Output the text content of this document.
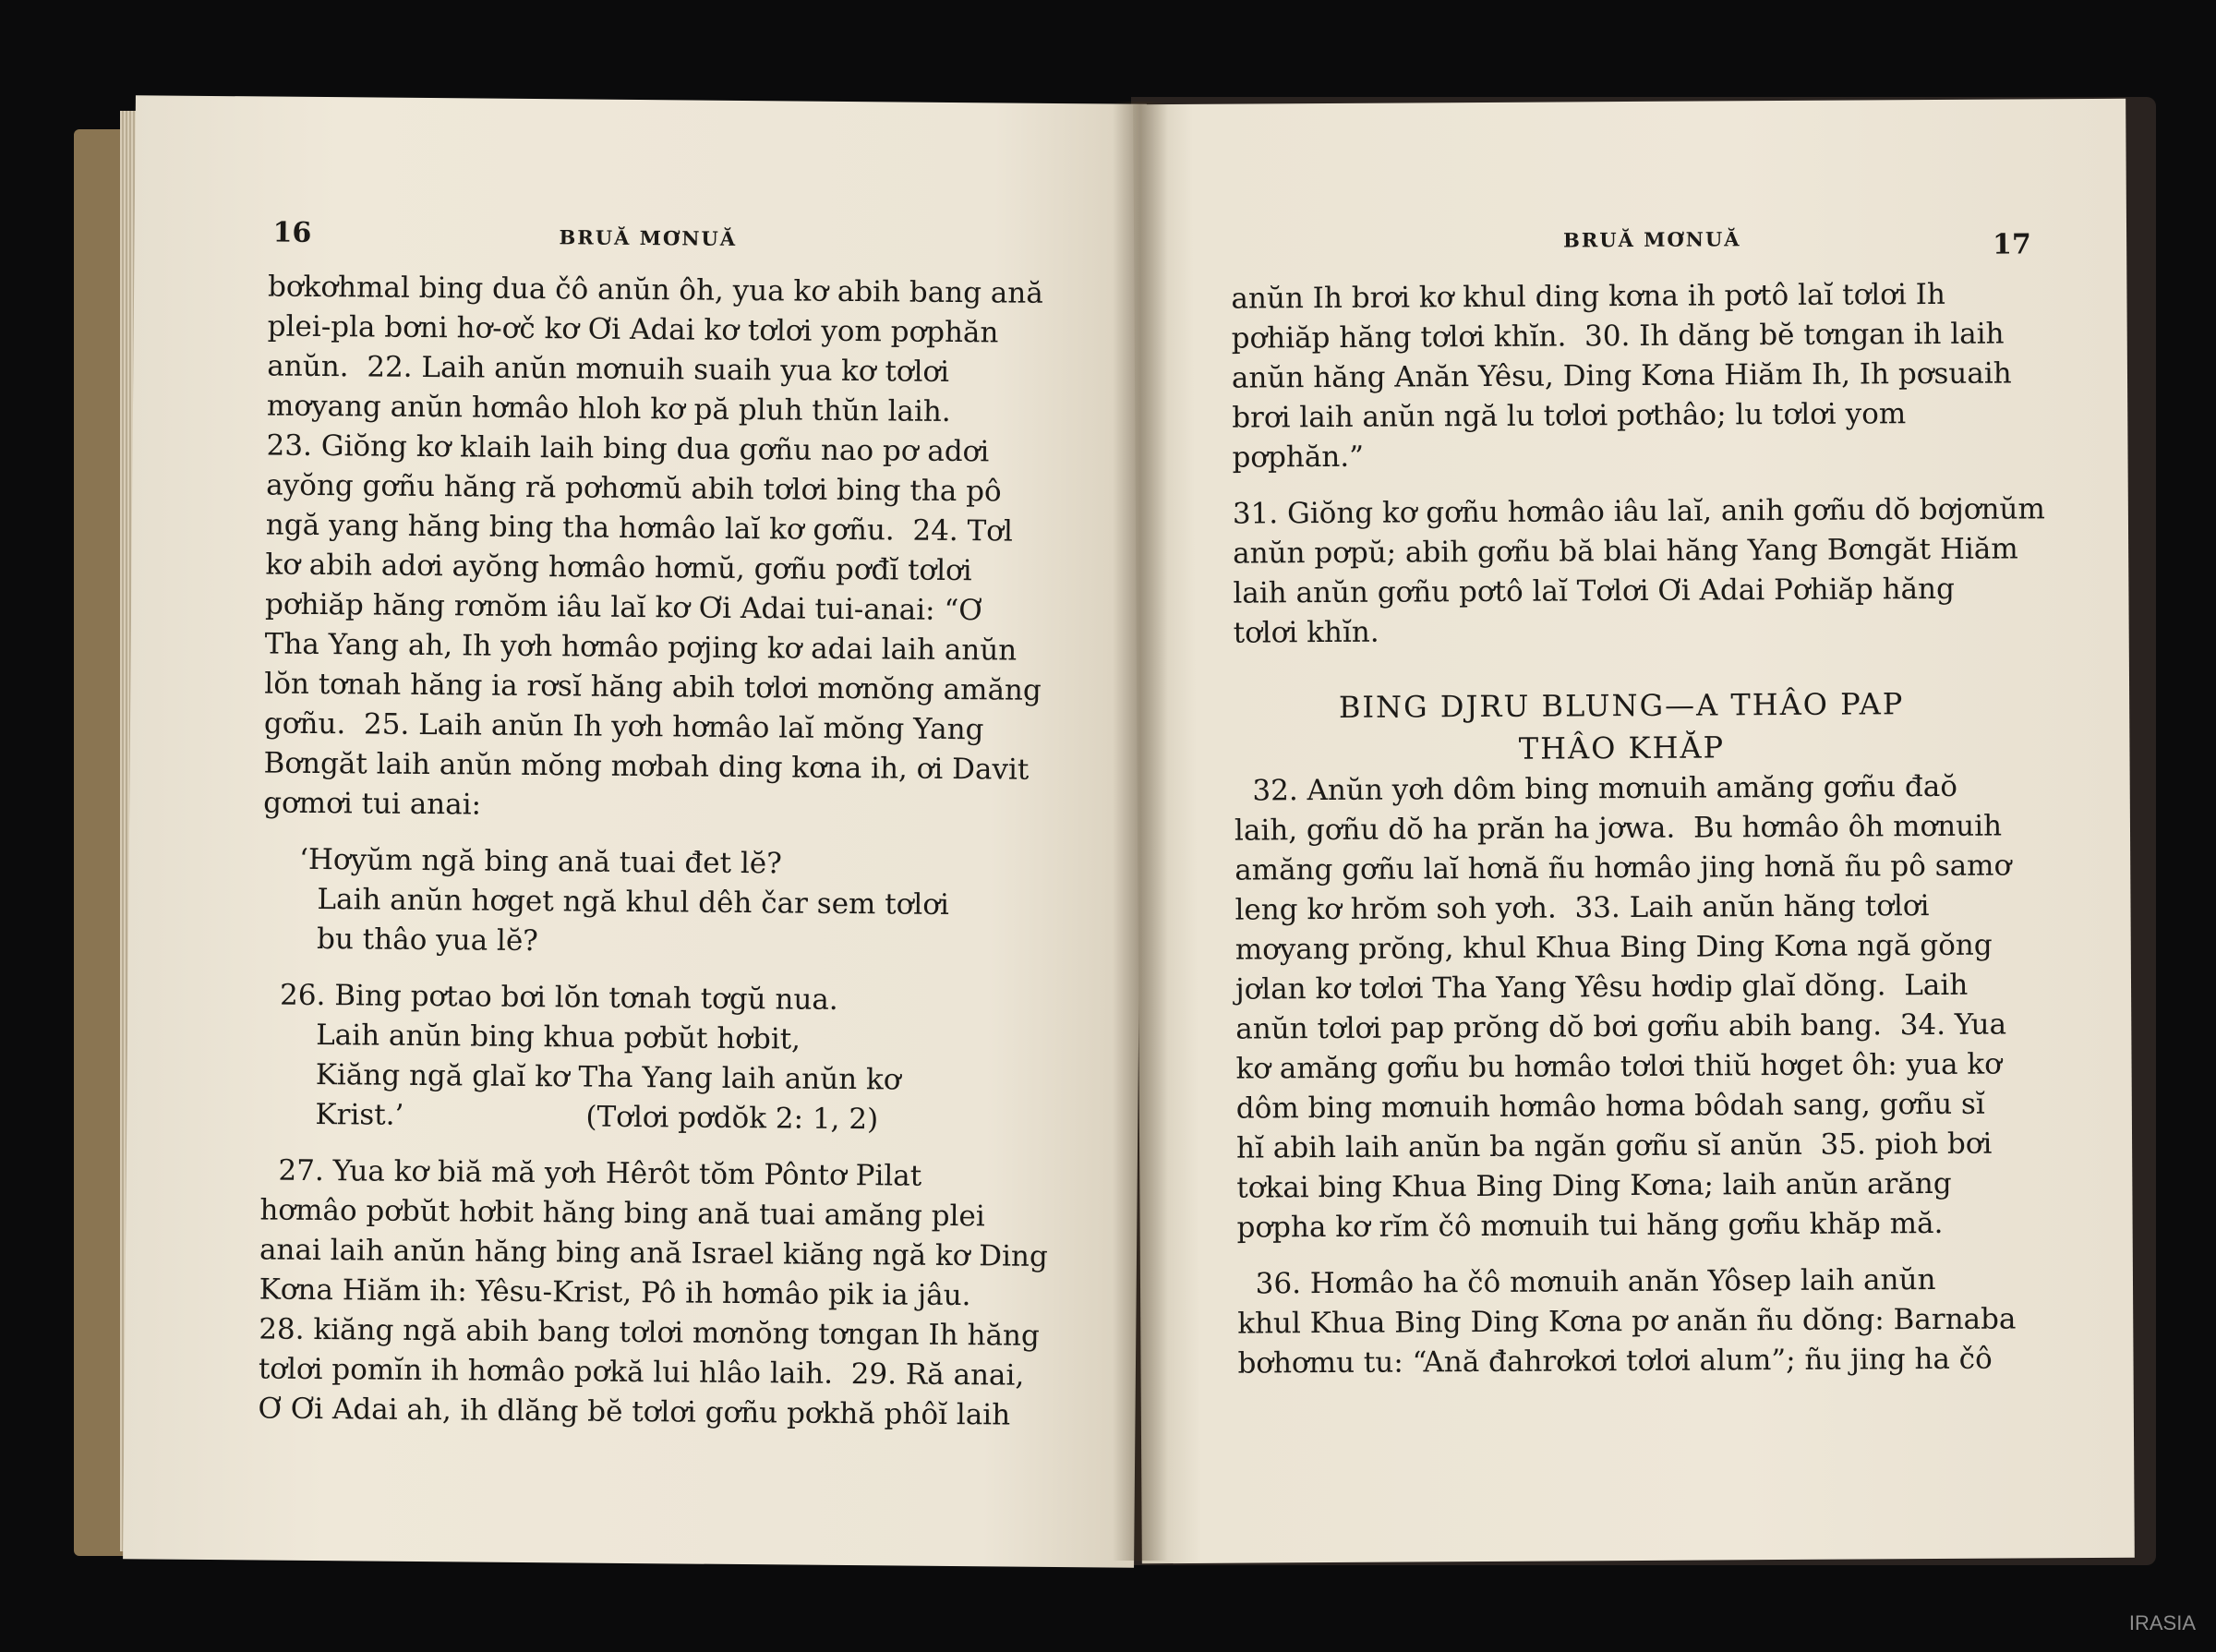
16	BRUĂ MƠNUĂ

bơkơhmal bing dua čô anŭn ôh, yua kơ abih bang ană

plei-pla bơni hơ-ơč kơ Ơi Adai kơ tơlơi yom pơphăn

anŭn.  22. Laih anŭn mơnuih suaih yua kơ tơlơi

mơyang anŭn hơmâo hloh kơ pă pluh thŭn laih.

23. Giŏng kơ klaih laih bing dua gơñu nao pơ adơi

ayŏng gơñu hăng ră pơhơmŭ abih tơlơi bing tha pô

ngă yang hăng bing tha hơmâo laĭ kơ gơñu.  24. Tơl

kơ abih adơi ayŏng hơmâo hơmŭ, gơñu pơđĭ tơlơi

pơhiăp hăng rơnŏm iâu laĭ kơ Ơi Adai tui-anai: “Ơ

Tha Yang ah, Ih yơh hơmâo pơjing kơ adai laih anŭn

lŏn tơnah hăng ia rơsĭ hăng abih tơlơi mơnŏng amăng

gơñu.  25. Laih anŭn Ih yơh hơmâo laĭ mŏng Yang

Bơngăt laih anŭn mŏng mơbah ding kơna ih, ơi Davit

gơmơi tui anai:

‘Hơyŭm ngă bing ană tuai đet lĕ?

Laih anŭn hơget ngă khul dêh čar sem tơlơi

bu thâo yua lĕ?

26. Bing pơtao bơi lŏn tơnah tơgŭ nua.

Laih anŭn bing khua pơbŭt hơbit,

Kiăng ngă glaĭ kơ Tha Yang laih anŭn kơ

Krist.’                    (Tơlơi pơdŏk 2: 1, 2)

27. Yua kơ biă mă yơh Hêrôt tŏm Pôntơ Pilat

hơmâo pơbŭt hơbit hăng bing ană tuai amăng plei

anai laih anŭn hăng bing ană Israel kiăng ngă kơ Ding

Kơna Hiăm ih: Yêsu-Krist, Pô ih hơmâo pik ia jâu.

28. kiăng ngă abih bang tơlơi mơnŏng tơngan Ih hăng

tơlơi pomĭn ih hơmâo pơkă lui hlâo laih.  29. Ră anai,

Ơ Ơi Adai ah, ih dlăng bĕ tơlơi gơñu pơkhă phôĭ laih

BRUĂ MƠNUĂ	17

anŭn Ih brơi kơ khul ding kơna ih pơtô laĭ tơlơi Ih

pơhiăp hăng tơlơi khĭn.  30. Ih dăng bĕ tơngan ih laih

anŭn hăng Anăn Yêsu, Ding Kơna Hiăm Ih, Ih pơsuaih

brơi laih anŭn ngă lu tơlơi pơthâo; lu tơlơi yom

pơphăn.”

31. Giŏng kơ gơñu hơmâo iâu laĭ, anih gơñu dŏ bơjơnŭm

anŭn pơpŭ; abih gơñu bă blai hăng Yang Bơngăt Hiăm

laih anŭn gơñu pơtô laĭ Tơlơi Ơi Adai Pơhiăp hăng

tơlơi khĭn.

BING DJRU BLUNG—A THÂO PAP
THÂO KHĂP

32. Anŭn yơh dôm bing mơnuih amăng gơñu đaŏ

laih, gơñu dŏ ha prăn ha jơwa.  Bu hơmâo ôh mơnuih

amăng gơñu laĭ hơnă ñu hơmâo jing hơnă ñu pô samơ

leng kơ hrŏm soh yơh.  33. Laih anŭn hăng tơlơi

mơyang prŏng, khul Khua Bing Ding Kơna ngă gŏng

jơlan kơ tơlơi Tha Yang Yêsu hơdip glaĭ dŏng.  Laih

anŭn tơlơi pap prŏng dŏ bơi gơñu abih bang.  34. Yua

kơ amăng gơñu bu hơmâo tơlơi thiŭ hơget ôh: yua kơ

dôm bing mơnuih hơmâo hơma bôdah sang, gơñu sĭ

hĭ abih laih anŭn ba ngăn gơñu sĭ anŭn  35. pioh bơi

tơkai bing Khua Bing Ding Kơna; laih anŭn arăng

pơpha kơ rĭm čô mơnuih tui hăng gơñu khăp mă.

36. Hơmâo ha čô mơnuih anăn Yôsep laih anŭn

khul Khua Bing Ding Kơna pơ anăn ñu dŏng: Barnaba

bơhơmu tu: “Ană đahrơkơi tơlơi alum”; ñu jing ha čô

IRASIA
